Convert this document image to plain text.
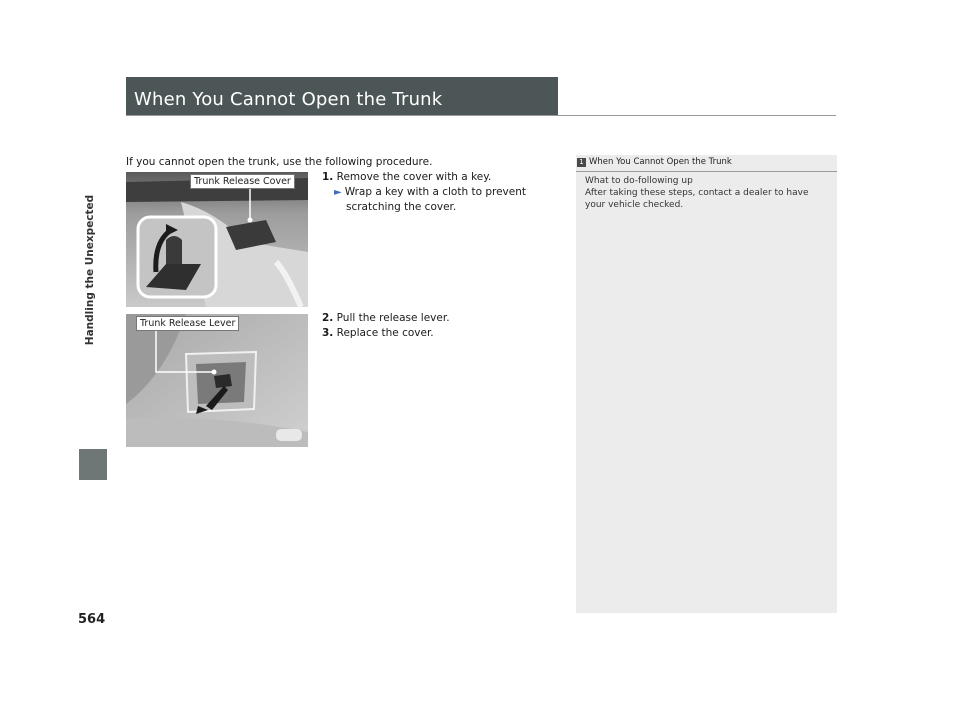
Handling the Unexpected
564
When You Cannot Open the Trunk
If you cannot open the trunk, use the following procedure.
1. Remove the cover with a key.
► Wrap a key with a cloth to prevent
scratching the cover.
2. Pull the release lever.
3. Replace the cover.
Trunk Release Cover
Trunk Release Lever
1 When You Cannot Open the Trunk
What to do-following up
After taking these steps, contact a dealer to have
your vehicle checked.
